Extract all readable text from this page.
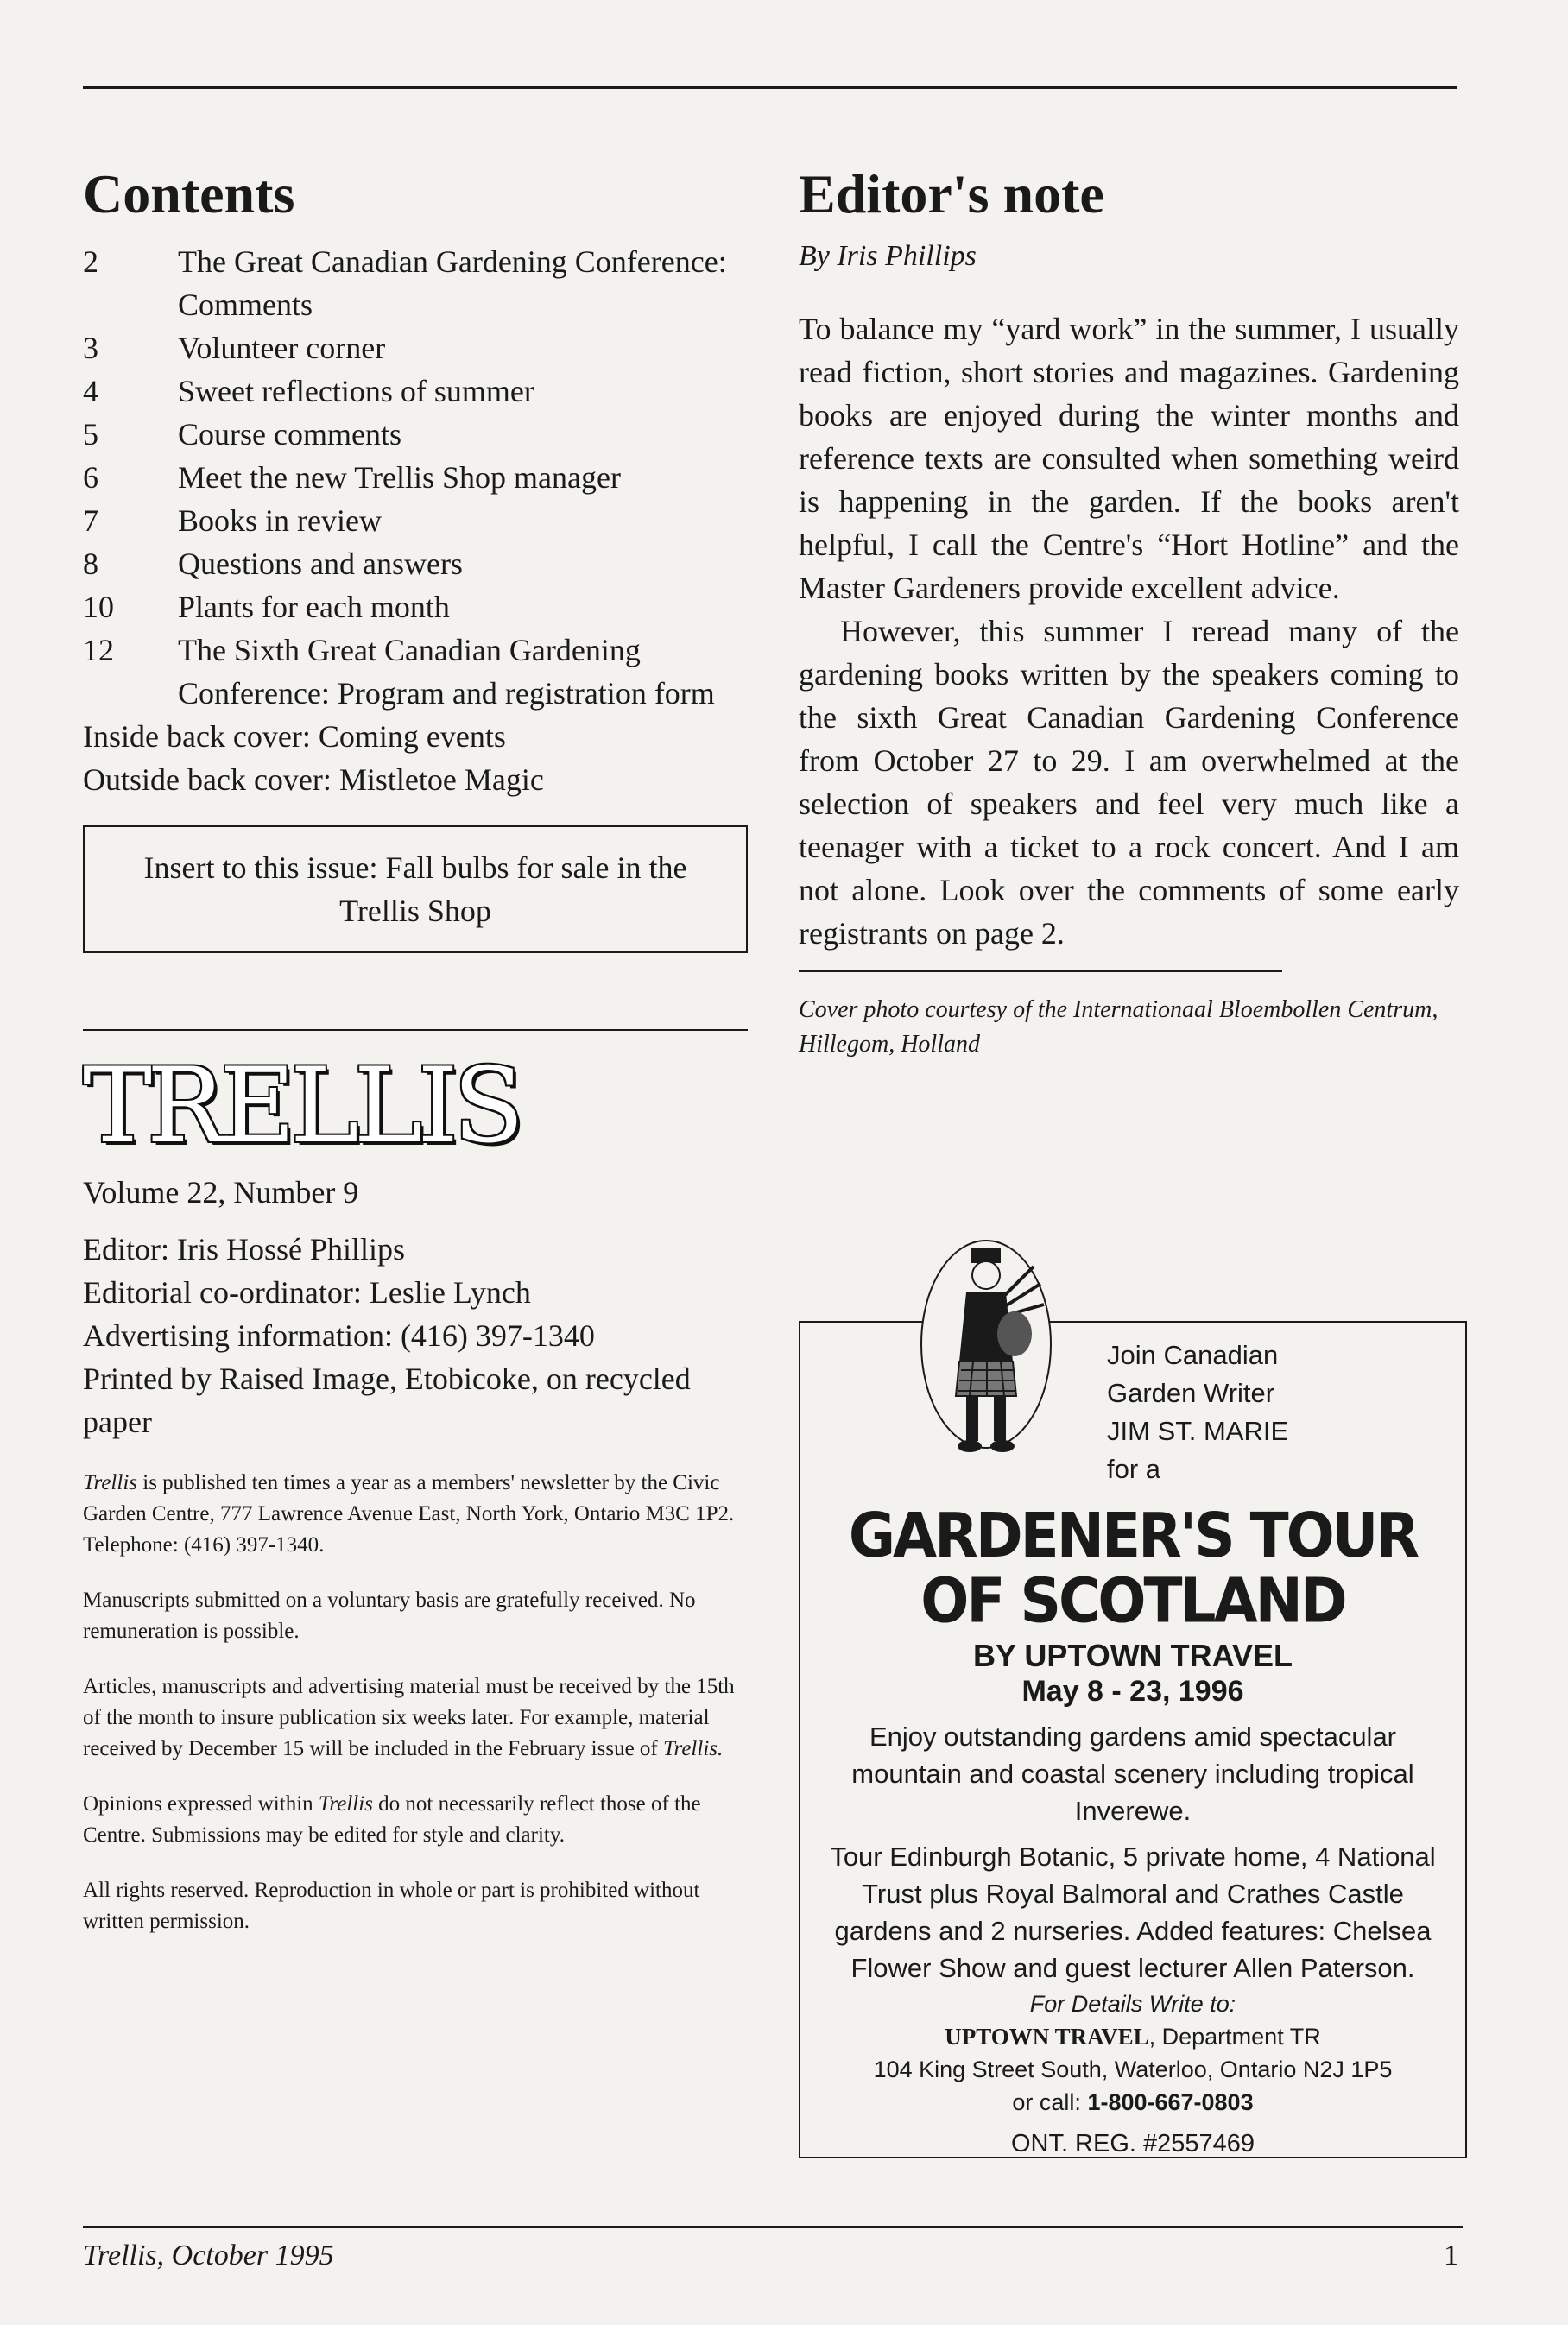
Contents
2	The Great Canadian Gardening Conference: Comments
3	Volunteer corner
4	Sweet reflections of summer
5	Course comments
6	Meet the new Trellis Shop manager
7	Books in review
8	Questions and answers
10	Plants for each month
12	The Sixth Great Canadian Gardening Conference: Program and registration form

Inside back cover: Coming events

Outside back cover: Mistletoe Magic

Insert to this issue: Fall bulbs for sale in the Trellis Shop
TRELLIS

Volume 22, Number 9

Editor: Iris Hossé Phillips

Editorial co-ordinator: Leslie Lynch

Advertising information: (416) 397-1340

Printed by Raised Image, Etobicoke, on recycled paper

Trellis is published ten times a year as a members' newsletter by the Civic Garden Centre, 777 Lawrence Avenue East, North York, Ontario M3C 1P2. Telephone: (416) 397-1340.

Manuscripts submitted on a voluntary basis are gratefully received. No remuneration is possible.

Articles, manuscripts and advertising material must be received by the 15th of the month to insure publication six weeks later. For example, material received by December 15 will be included in the February issue of Trellis.

Opinions expressed within Trellis do not necessarily reflect those of the Centre. Submissions may be edited for style and clarity.

All rights reserved. Reproduction in whole or part is prohibited without written permission.

Editor's note

By Iris Phillips

To balance my “yard work” in the summer, I usually read fiction, short stories and magazines. Gardening books are enjoyed during the winter months and reference texts are consulted when something weird is happening in the garden. If the books aren't helpful, I call the Centre's “Hort Hotline” and the Master Gardeners provide excellent advice.

However, this summer I reread many of the gardening books written by the speakers coming to the sixth Great Canadian Gardening Conference from October 27 to 29. I am overwhelmed at the selection of speakers and feel very much like a teenager with a ticket to a rock concert. And I am not alone. Look over the comments of some early registrants on page 2.

Cover photo courtesy of the Internationaal Bloembollen Centrum, Hillegom, Holland

Join Canadian
Garden Writer
JIM ST. MARIE
for a
GARDENER'S TOUR
OF SCOTLAND
BY UPTOWN TRAVEL
May 8 - 23, 1996

Enjoy outstanding gardens amid spectacular mountain and coastal scenery including tropical Inverewe.

Tour Edinburgh Botanic, 5 private home, 4 National Trust plus Royal Balmoral and Crathes Castle gardens and 2 nurseries. Added features: Chelsea Flower Show and guest lecturer Allen Paterson.

For Details Write to:

UPTOWN TRAVEL, Department TR

104 King Street South, Waterloo, Ontario N2J 1P5

or call: 1-800-667-0803

ONT. REG. #2557469

Trellis, October 1995	1
